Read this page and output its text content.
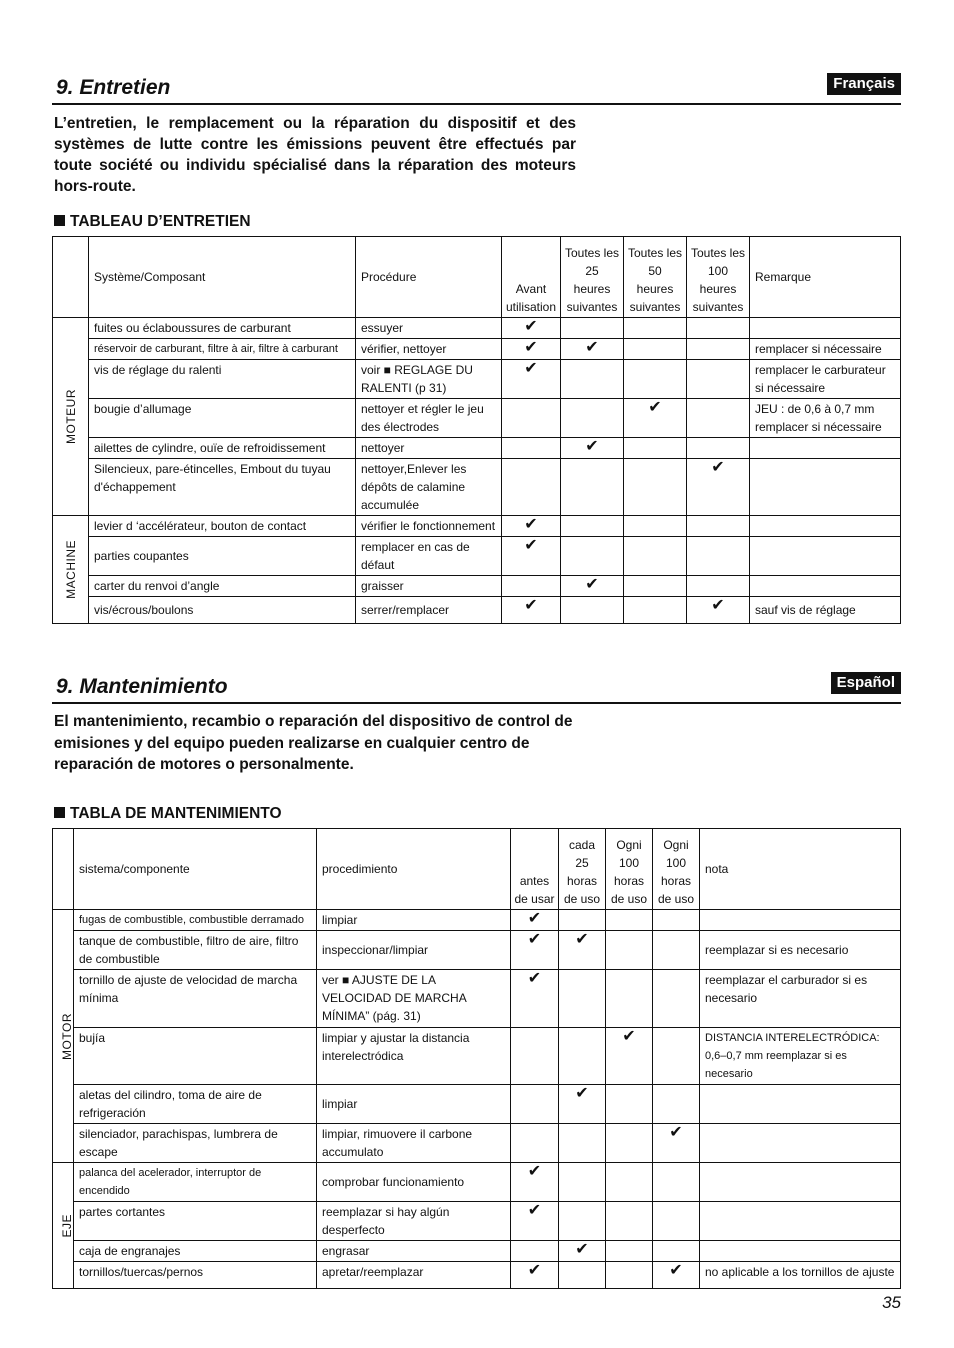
9. Entretien	Français
L’entretien, le remplacement ou la réparation du dispositif et des systèmes de lutte contre les émissions peuvent être effectués par toute société ou individu spécialisé dans la réparation des moteurs hors-route.
TABLEAU D’ENTRETIEN
	Système/Composant	Procédure	Avant
utilisation	Toutes les
25
heures
suivantes	Toutes les
50
heures
suivantes	Toutes les
100
heures
suivantes	Remarque

MOTEUR	fuites ou éclaboussures de carburant	essuyer	✔				
	réservoir de carburant, filtre à air, filtre à carburant	vérifier, nettoyer	✔	✔			remplacer si nécessaire
	vis de réglage du ralenti	voir ■ REGLAGE DU RALENTI (p 31)	✔				remplacer le carburateur si nécessaire
	bougie d’allumage	nettoyer et régler le jeu des électrodes			✔		JEU : de 0,6 à 0,7 mm remplacer si nécessaire
	ailettes de cylindre, ouïe de refroidissement	nettoyer		✔			
	Silencieux, pare-étincelles, Embout du tuyau d'échappement	nettoyer,Enlever les dépôts de calamine accumulée				✔	

MACHINE	levier d ‘accélérateur, bouton de contact	vérifier le fonctionnement	✔				
	parties coupantes	remplacer en cas de défaut	✔				
	carter du renvoi d’angle	graisser		✔			
	vis/écrous/boulons	serrer/remplacer	✔			✔	sauf vis de réglage
9. Mantenimiento	Español
El mantenimiento, recambio o reparación del dispositivo de control de emisiones y del equipo pueden realizarse en cualquier centro de reparación de motores o personalmente.
TABLA DE MANTENIMIENTO
	sistema/componente	procedimiento	antes
de usar	cada
25
horas
de uso	Ogni
100
horas
de uso	Ogni
100
horas
de uso	nota

MOTOR	fugas de combustible, combustible derramado	limpiar	✔				
	tanque de combustible, filtro de aire, filtro de combustible	inspeccionar/limpiar	✔	✔			reemplazar si es necesario
	tornillo de ajuste de velocidad de marcha mínima	ver ■ AJUSTE DE LA VELOCIDAD DE MARCHA MÍNIMA” (pág. 31)	✔				reemplazar el carburador si es necesario
	bujía	limpiar y ajustar la distancia interelectródica			✔		DISTANCIA INTERELECTRÓDICA: 0,6–0,7 mm reemplazar si es necesario
	aletas del cilindro, toma de aire de refrigeración	limpiar		✔			
	silenciador, parachispas, lumbrera de escape	limpiar, rimuovere il carbone accumulato				✔	

EJE	palanca del acelerador, interruptor de encendido	comprobar funcionamiento	✔				
	partes cortantes	reemplazar si hay algún desperfecto	✔				
	caja de engranajes	engrasar		✔			
	tornillos/tuercas/pernos	apretar/reemplazar	✔			✔	no aplicable a los tornillos de ajuste
35
